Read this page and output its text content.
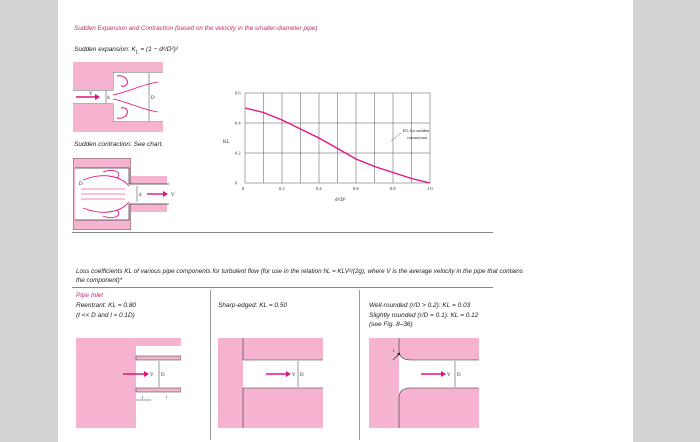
Sudden Expansion and Contraction (based on the velocity in the smaller-diameter pipe)
Sudden expansion: $K_L = (1 - d^2/D^2)^2$
V
d	D
Sudden contraction: See chart.
D
d	V
0
0.2
0.4
0.6
0	0.2	0.4	0.6	0.8	1.0
KL
d²/D²
KL for sudden
contraction
Loss coefficients KL of various pipe components for turbulent flow (for use in the relation hL = KLV²/(2g), where V is the average velocity in the pipe that contains the component)*
Pipe Inlet
Reentrant: KL = 0.80
(t << D and l ≈ 0.1D)
Sharp-edged: KL = 0.50	Well-rounded (r/D > 0.2): KL = 0.03
Slightly rounded (r/D = 0.1): KL = 0.12
(see Fig. 8–36)
V D
l	t
V D
r
V D
